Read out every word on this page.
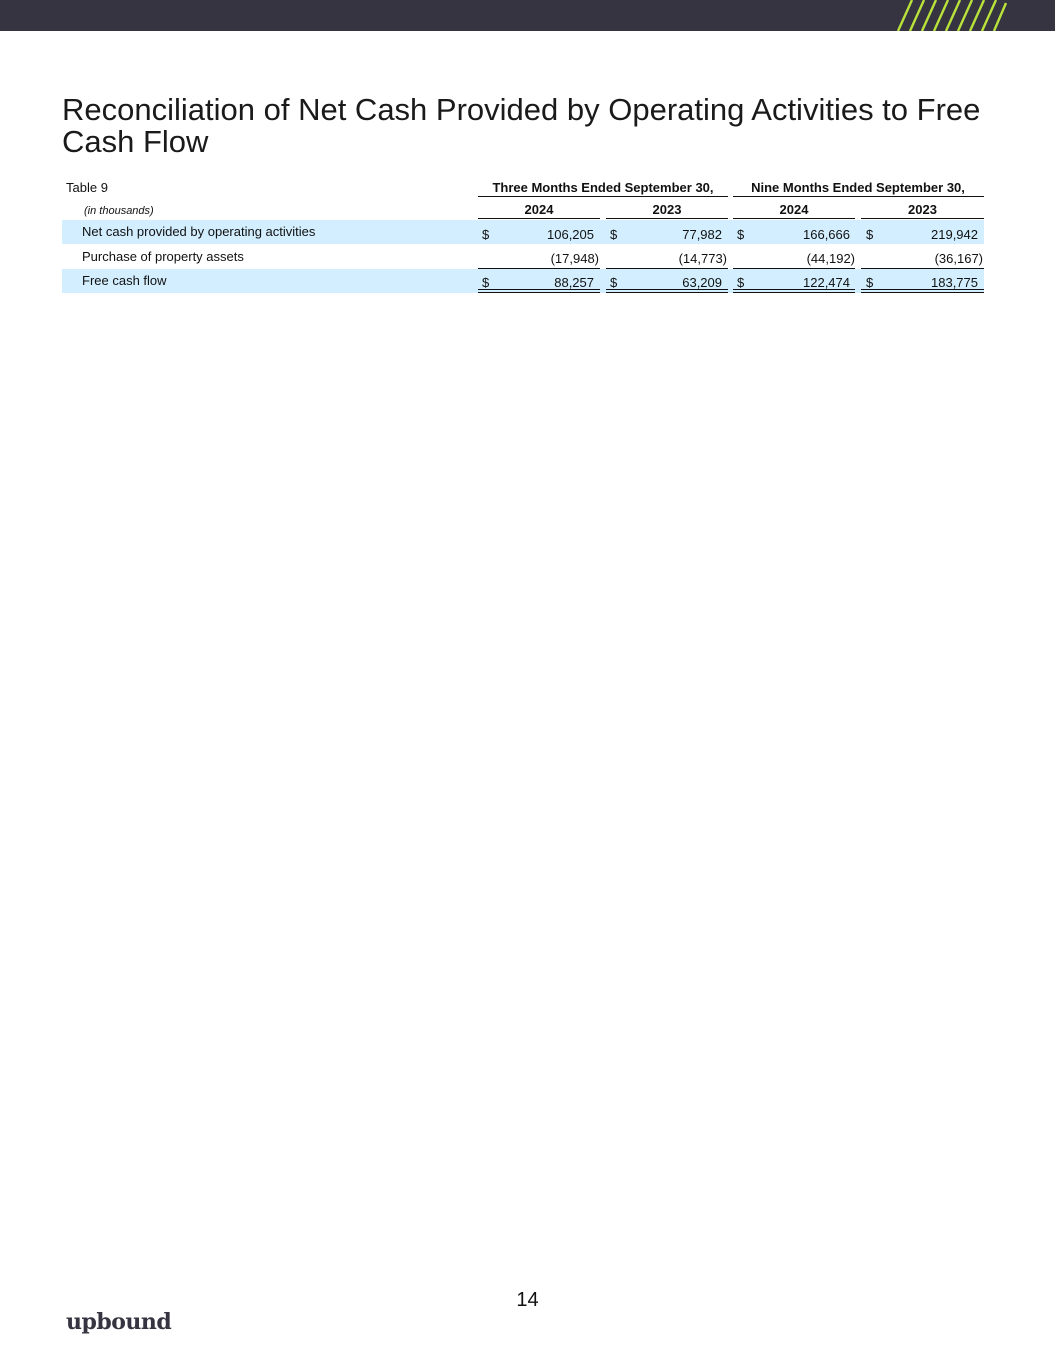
Reconciliation of Net Cash Provided by Operating Activities to Free Cash Flow
Table 9
(in thousands)
Three Months Ended September 30,	Nine Months Ended September 30,
2024	2023	2024	2023
Net cash provided by operating activities	$	106,205 $	77,982 $	166,666 $	219,942
Purchase of property assets	(17,948)	(14,773)	(44,192)	(36,167)
Free cash flow	$	88,257 $	63,209 $	122,474 $	183,775
14
upbound
